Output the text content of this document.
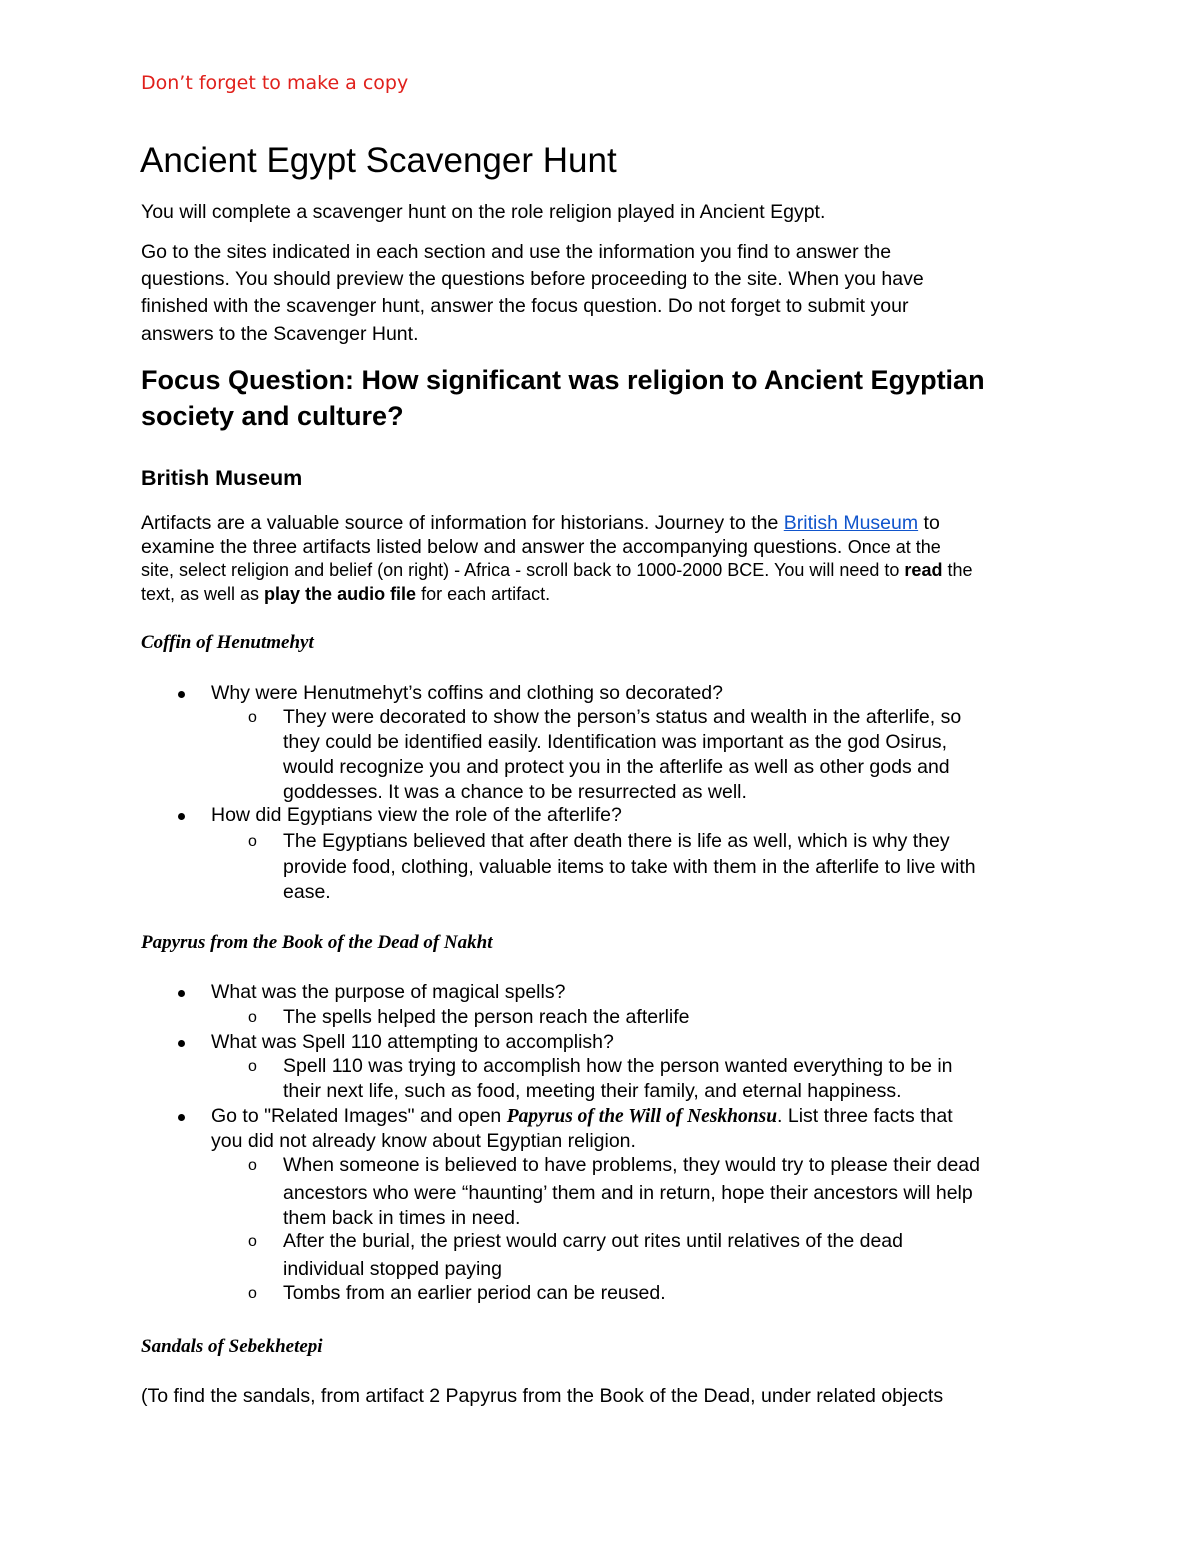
Don’t forget to make a copy

Ancient Egypt Scavenger Hunt

You will complete a scavenger hunt on the role religion played in Ancient Egypt.

Go to the sites indicated in each section and use the information you find to answer the

questions. You should preview the questions before proceeding to the site. When you have

finished with the scavenger hunt, answer the focus question. Do not forget to submit your

answers to the Scavenger Hunt.

Focus Question: How significant was religion to Ancient Egyptian
society and culture?
British Museum
Artifacts are a valuable source of information for historians. Journey to the British Museum to
examine the three artifacts listed below and answer the accompanying questions. Once at the
site, select religion and belief (on right) - Africa - scroll back to 1000-2000 BCE. You will need to read the
text, as well as play the audio file for each artifact.

Coffin of Henutmehyt

Why were Henutmehyt’s coffins and clothing so decorated?

o They were decorated to show the person’s status and wealth in the afterlife, so

they could be identified easily. Identification was important as the god Osirus,

would recognize you and protect you in the afterlife as well as other gods and

goddesses. It was a chance to be resurrected as well.

How did Egyptians view the role of the afterlife?

o The Egyptians believed that after death there is life as well, which is why they

provide food, clothing, valuable items to take with them in the afterlife to live with

ease.

Papyrus from the Book of the Dead of Nakht

What was the purpose of magical spells?

o The spells helped the person reach the afterlife

What was Spell 110 attempting to accomplish?

o Spell 110 was trying to accomplish how the person wanted everything to be in

their next life, such as food, meeting their family, and eternal happiness.

Go to "Related Images" and open Papyrus of the Will of Neskhonsu. List three facts that

you did not already know about Egyptian religion.

o When someone is believed to have problems, they would try to please their dead

ancestors who were “haunting’ them and in return, hope their ancestors will help

them back in times in need.

o After the burial, the priest would carry out rites until relatives of the dead

individual stopped paying

o Tombs from an earlier period can be reused.

Sandals of Sebekhetepi

(To find the sandals, from artifact 2 Papyrus from the Book of the Dead, under related objects
